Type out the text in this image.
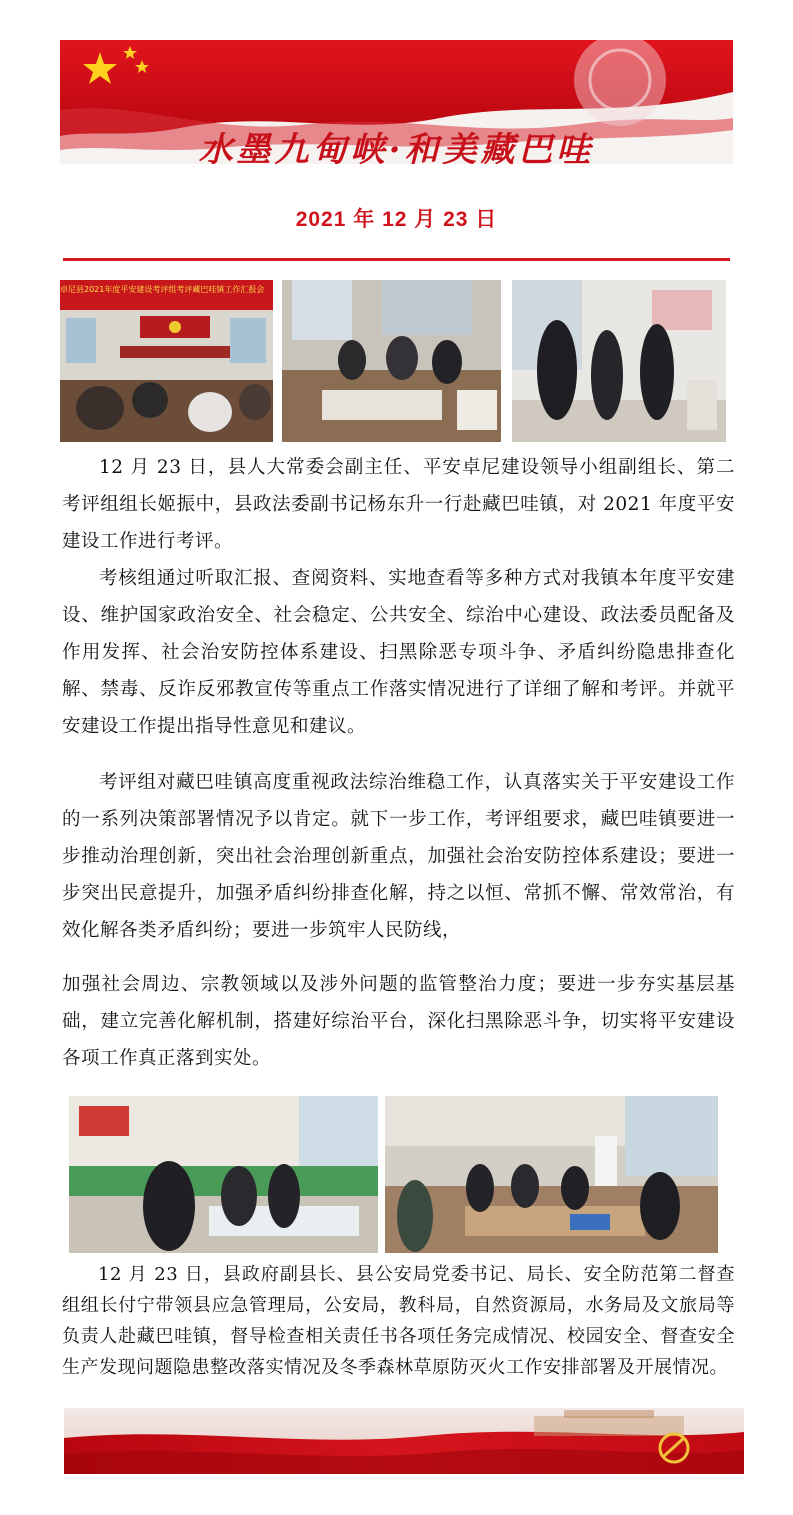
水墨九甸峡·和美藏巴哇
2021 年 12 月 23 日
卓尼县2021年度平安建设考评组考评藏巴哇镇工作汇报会

12 月 23 日，县人大常委会副主任、平安卓尼建设领导小组副组长、第二考评组组长姬振中，县政法委副书记杨东升一行赴藏巴哇镇，对 2021 年度平安建设工作进行考评。

考核组通过听取汇报、查阅资料、实地查看等多种方式对我镇本年度平安建设、维护国家政治安全、社会稳定、公共安全、综治中心建设、政法委员配备及作用发挥、社会治安防控体系建设、扫黑除恶专项斗争、矛盾纠纷隐患排查化解、禁毒、反诈反邪教宣传等重点工作落实情况进行了详细了解和考评。并就平安建设工作提出指导性意见和建议。

考评组对藏巴哇镇高度重视政法综治维稳工作，认真落实关于平安建设工作的一系列决策部署情况予以肯定。就下一步工作，考评组要求，藏巴哇镇要进一步推动治理创新，突出社会治理创新重点，加强社会治安防控体系建设；要进一步突出民意提升，加强矛盾纠纷排查化解，持之以恒、常抓不懈、常效常治，有效化解各类矛盾纠纷；要进一步筑牢人民防线，

加强社会周边、宗教领域以及涉外问题的监管整治力度；要进一步夯实基层基础，建立完善化解机制，搭建好综治平台，深化扫黑除恶斗争，切实将平安建设各项工作真正落到实处。

12 月 23 日，县政府副县长、县公安局党委书记、局长、安全防范第二督查组组长付宁带领县应急管理局，公安局，教科局，自然资源局，水务局及文旅局等负责人赴藏巴哇镇，督导检查相关责任书各项任务完成情况、校园安全、督查安全生产发现问题隐患整改落实情况及冬季森林草原防灭火工作安排部署及开展情况。
